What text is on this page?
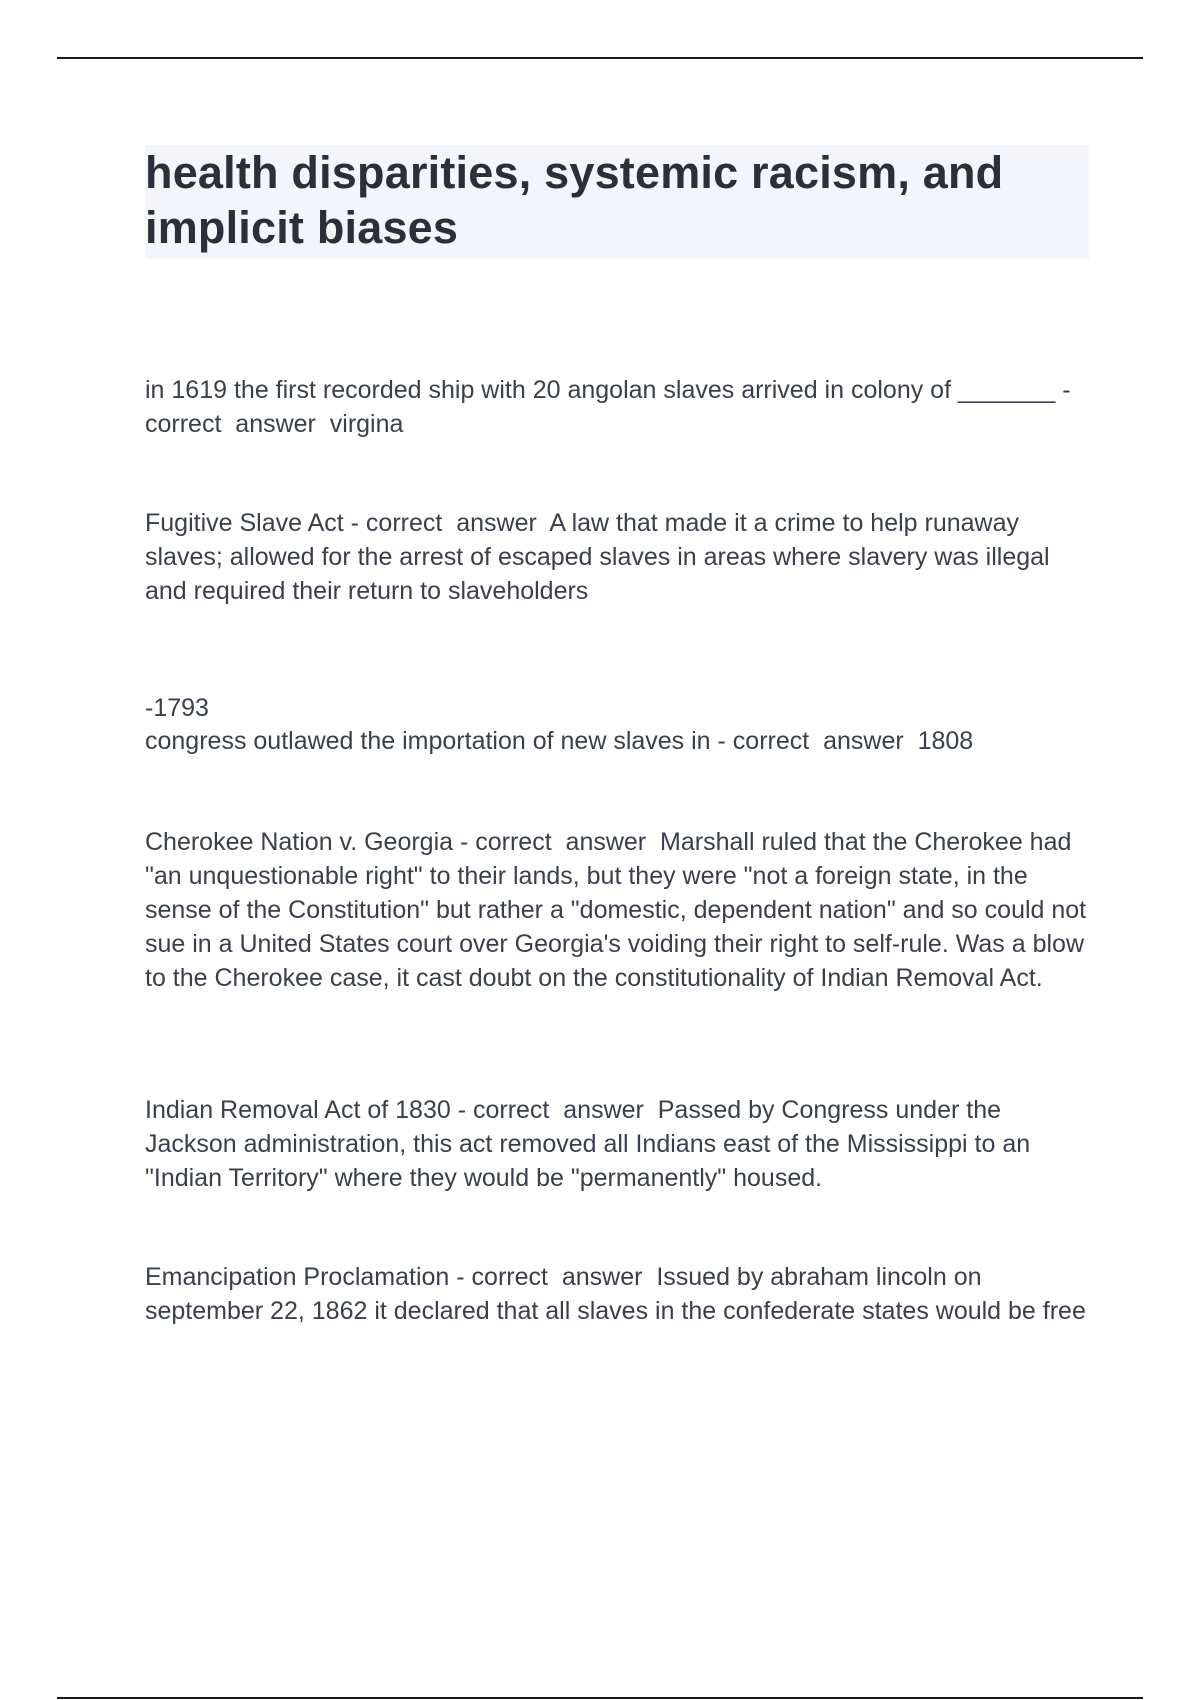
health disparities, systemic racism, and implicit biases

in 1619 the first recorded ship with 20 angolan slaves arrived in colony of _______ - correct  answer  virgina

Fugitive Slave Act - correct  answer  A law that made it a crime to help runaway slaves; allowed for the arrest of escaped slaves in areas where slavery was illegal and required their return to slaveholders

-1793

congress outlawed the importation of new slaves in - correct  answer  1808

Cherokee Nation v. Georgia - correct  answer  Marshall ruled that the Cherokee had "an unquestionable right" to their lands, but they were "not a foreign state, in the sense of the Constitution" but rather a "domestic, dependent nation" and so could not sue in a United States court over Georgia's voiding their right to self-rule. Was a blow to the Cherokee case, it cast doubt on the constitutionality of Indian Removal Act.

Indian Removal Act of 1830 - correct  answer  Passed by Congress under the Jackson administration, this act removed all Indians east of the Mississippi to an "Indian Territory" where they would be "permanently" housed.

Emancipation Proclamation - correct  answer  Issued by abraham lincoln on september 22, 1862 it declared that all slaves in the confederate states would be free
